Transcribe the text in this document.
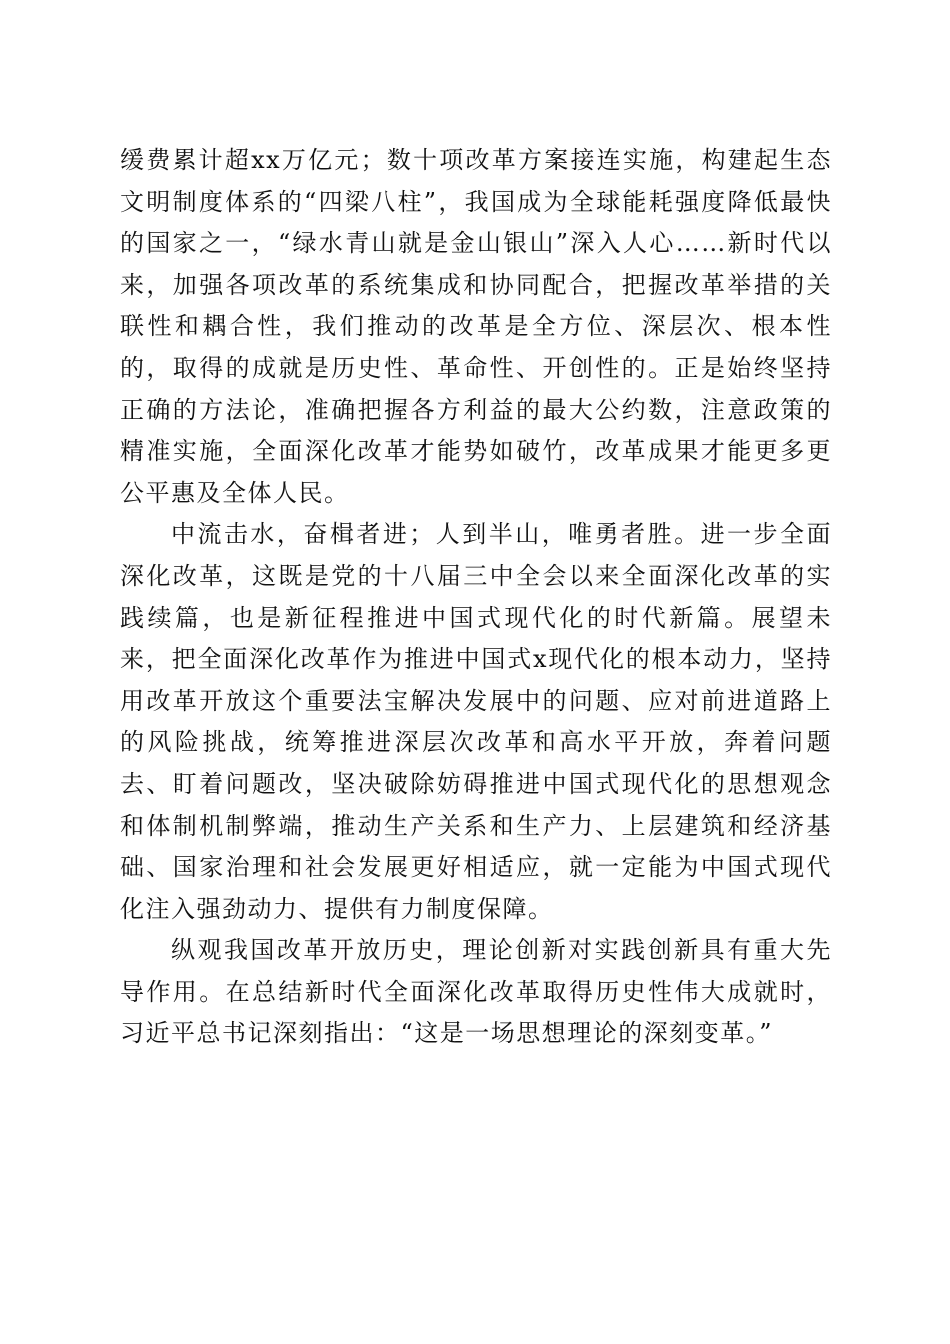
缓费累计超xx万亿元；数十项改革方案接连实施，构建起生态文明制度体系的“四梁八柱”，我国成为全球能耗强度降低最快的国家之一，“绿水青山就是金山银山”深入人心……新时代以来，加强各项改革的系统集成和协同配合，把握改革举措的关联性和耦合性，我们推动的改革是全方位、深层次、根本性的，取得的成就是历史性、革命性、开创性的。正是始终坚持正确的方法论，准确把握各方利益的最大公约数，注意政策的精准实施，全面深化改革才能势如破竹，改革成果才能更多更公平惠及全体人民。

中流击水，奋楫者进；人到半山，唯勇者胜。进一步全面深化改革，这既是党的十八届三中全会以来全面深化改革的实践续篇，也是新征程推进中国式现代化的时代新篇。展望未来，把全面深化改革作为推进中国式x现代化的根本动力，坚持用改革开放这个重要法宝解决发展中的问题、应对前进道路上的风险挑战，统筹推进深层次改革和高水平开放，奔着问题去、盯着问题改，坚决破除妨碍推进中国式现代化的思想观念和体制机制弊端，推动生产关系和生产力、上层建筑和经济基础、国家治理和社会发展更好相适应，就一定能为中国式现代化注入强劲动力、提供有力制度保障。

纵观我国改革开放历史，理论创新对实践创新具有重大先导作用。在总结新时代全面深化改革取得历史性伟大成就时，习近平总书记深刻指出：“这是一场思想理论的深刻变革。”
